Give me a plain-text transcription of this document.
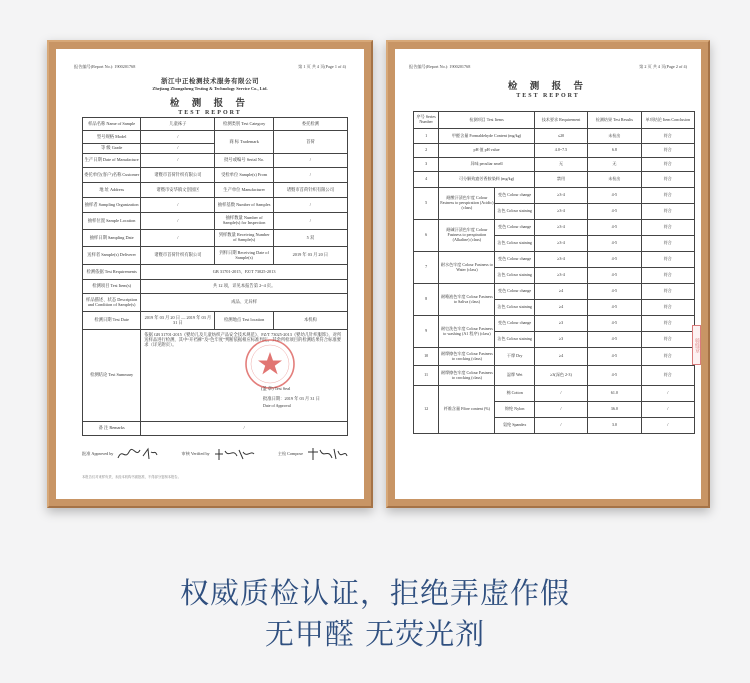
报告编号(Report No.): 1900201768	第 1 页 共 4 页(Page 1 of 4)
浙江中正检测技术服务有限公司
Zhejiang Zhongzheng Testing & Technology Service Co., Ltd.
检 测 报 告
TEST REPORT
样品名称 Name of Sample	儿童袜子	检测类别 Test Category	委托检测
型号规格 Model	/	商 标 Trademark	首荷
等 级 Grade	/		
生产日期 Date of Manufacture	/	批号或编号 Serial No.	/
委托单位(客户)名称 Customer	诸暨市首荷针织有限公司	受检单位 Sample(s) From	/
地 址 Address	诸暨市安华镇文创园区	生产单位 Manufacturer	诸暨市首荷针织有限公司
抽样者 Sampling Organization	/	抽样基数 Number of Samples	/
抽样位置 Sample Location	/	抽样数量 Number of Sample(s) for Inspection	/
抽样日期 Sampling Date	/	到样数量 Receiving Number of Sample(s)	5 双
送样者 Sample(s) Deliverer	诸暨市首荷针织有限公司	到样日期 Receiving Date of Sample(s)	2019 年 03 月 20 日
检测依据 Test Requirements	GB 31701-2015、FZ/T 73025-2013		
检测项目 Test Item(s)	共 12 项，详见本报告第 2~4 页。		
样品描述、状态 Description and Condition of Sample(s)	成品、无异样		
检测日期 Test Date	2019 年 03 月 20 日 — 2019 年 03 月 31 日	检测地点 Test location	本机构
检测结论 Test Summary	依据 GB 31701-2015《婴幼儿及儿童纺织产品安全技术规范》、FZ/T 73025-2013《婴幼儿针织服饰》，对所送样品进行检测，其中“开裆裤”及“色牢度”判断依据相应标准判定，其余所检项目的检测结果符合标准要求（详见附页）。		

备 注 Remarks	/		
(盖 章) Test Seal
批准日期：2019 年 03 月 31 日
Date of Approval
批准 Approved by	审核 Verified by	主检 Compose
本报告仅对来样负责，未经本机构书面批准，不得部分复制本报告。
报告编号(Report No.): 1900201768	第 2 页 共 4 页(Page 2 of 4)
检 测 报 告
TEST REPORT
序号 Series Number	检测项目 Test Items		技术要求 Requirement	检测结果 Test Results	单项结论 Item Conclusion
1	甲醛含量 Formaldehyde Content (mg/kg)		≤20	未检出	符合
2	pH 值 pH value		4.0~7.5	6.8	符合
3	异味 peculiar smell		无	无	符合
4	可分解致癌芳香胺染料 (mg/kg)		禁用	未检出	符合
5	耐酸汗渍色牢度 Colour Fastness to perspiration (Acidic) (class)	变色 Colour change	≥3-4	4-5	符合
		沾色 Colour staining	≥3-4	4-5	符合
6	耐碱汗渍色牢度 Colour Fastness to perspiration (Alkaline) (class)	变色 Colour change	≥3-4	4-5	符合
		沾色 Colour staining	≥3-4	4-5	符合
7	耐水色牢度 Colour Fastness to Water (class)	变色 Colour change	≥3-4	4-5	符合
		沾色 Colour staining	≥3-4	4-5	符合
8	耐唾液色牢度 Colour Fastness to Saliva (class)	变色 Colour change	≥4	4-5	符合
		沾色 Colour staining	≥4	4-5	符合
9	耐皂洗色牢度 Colour Fastness to washing (A1 程序) (class)	变色 Colour change	≥3	4-5	符合
		沾色 Colour staining	≥3	4-5	符合
10	耐摩擦色牢度 Colour Fastness to crocking (class)	干摩 Dry	≥4	4-5	符合
11	耐摩擦色牢度 Colour Fastness to crocking (class)	湿摩 Wet	≥3(深色 2-3)	4-5	符合
12	纤维含量 Fibre content (%)	棉 Cotton	/	61.0	/
		锦纶 Nylon	/	36.0	/
		氨纶 Spandex	/	3.0	/
骑缝章
权威质检认证，拒绝弄虚作假
无甲醛 无荧光剂
